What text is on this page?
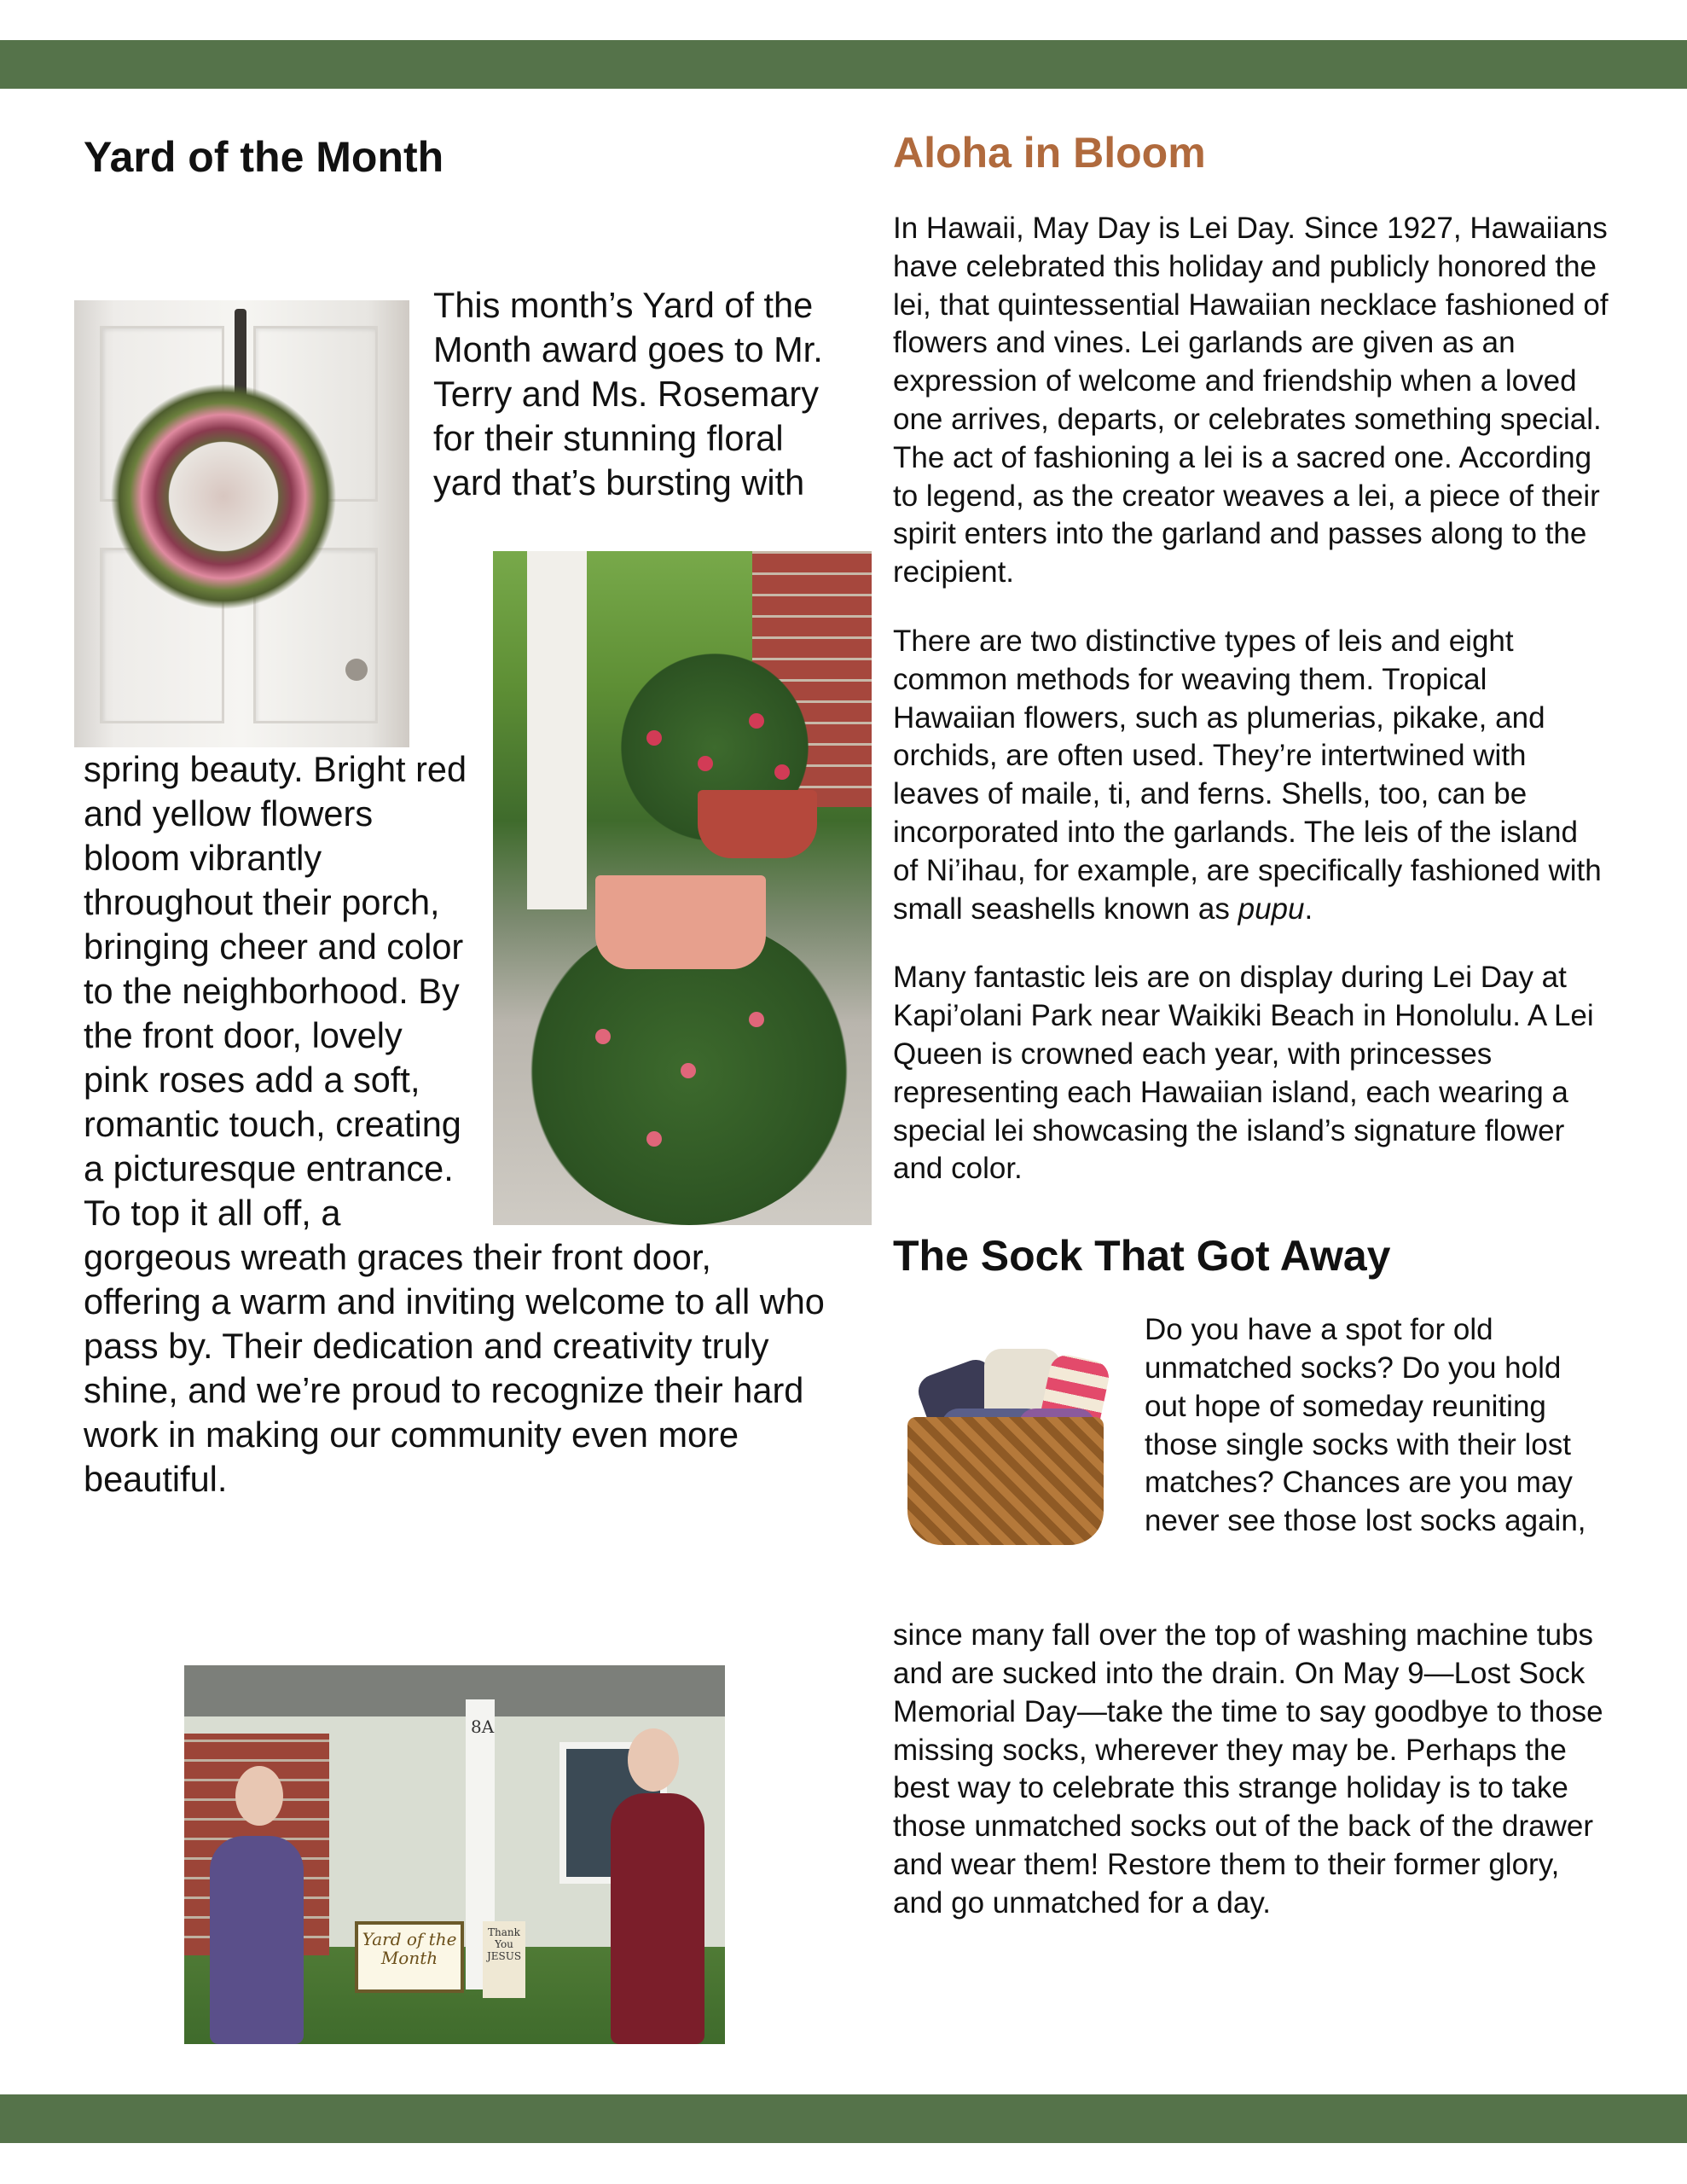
Yard of the Month
This month’s Yard of the Month award goes to Mr. Terry and Ms. Rosemary for their stunning floral yard that’s bursting with spring beauty. Bright red and yellow flowers bloom vibrantly throughout their porch, bringing cheer and color to the neighborhood. By the front door, lovely pink roses add a soft, romantic touch, creating a picturesque entrance. To top it all off, a gorgeous wreath graces their front door, offering a warm and inviting welcome to all who pass by. Their dedication and creativity truly shine, and we’re proud to recognize their hard work in making our community even more beautiful.
Yard of the Month
Thank You JESUS
8A
Aloha in Bloom

In Hawaii, May Day is Lei Day. Since 1927, Hawaiians have celebrated this holiday and publicly honored the lei, that quintessential Hawaiian necklace fashioned of flowers and vines. Lei garlands are given as an expression of welcome and friendship when a loved one arrives, departs, or celebrates something special. The act of fashioning a lei is a sacred one. According to legend, as the creator weaves a lei, a piece of their spirit enters into the garland and passes along to the recipient.

There are two distinctive types of leis and eight common methods for weaving them. Tropical Hawaiian flowers, such as plumerias, pikake, and orchids, are often used. They’re intertwined with leaves of maile, ti, and ferns. Shells, too, can be incorporated into the garlands. The leis of the island of Ni’ihau, for example, are specifically fashioned with small seashells known as pupu.

Many fantastic leis are on display during Lei Day at Kapi’olani Park near Waikiki Beach in Honolulu. A Lei Queen is crowned each year, with princesses representing each Hawaiian island, each wearing a special lei showcasing the island’s signature flower and color.

The Sock That Got Away

Do you have a spot for old unmatched socks? Do you hold out hope of someday reuniting those single socks with their lost matches? Chances are you may never see those lost socks again,

since many fall over the top of washing machine tubs and are sucked into the drain. On May 9—Lost Sock Memorial Day—take the time to say goodbye to those missing socks, wherever they may be. Perhaps the best way to celebrate this strange holiday is to take those unmatched socks out of the back of the drawer and wear them! Restore them to their former glory, and go unmatched for a day.
